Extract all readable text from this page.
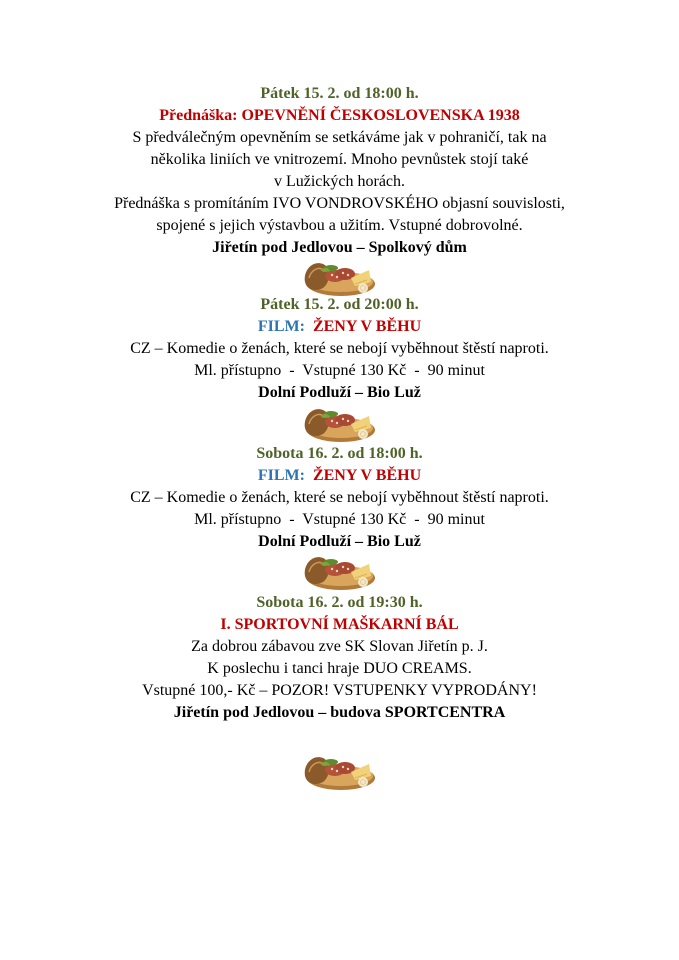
Pátek 15. 2. od 18:00 h.
Přednáška: OPEVNĚNÍ ČESKOSLOVENSKA 1938
S předválečným opevněním se setkáváme jak v pohraničí, tak na
několika liniích ve vnitrozemí. Mnoho pevnůstek stojí také
v Lužických horách.
Přednáška s promítáním IVO VONDROVSKÉHO objasní souvislosti,
spojené s jejich výstavbou a užitím. Vstupné dobrovolné.
Jiřetín pod Jedlovou – Spolkový dům
Pátek 15. 2. od 20:00 h.
FILM: ŽENY V BĚHU
CZ – Komedie o ženách, které se nebojí vyběhnout štěstí naproti.
Ml. přístupno  -  Vstupné 130 Kč  -  90 minut
Dolní Podluží – Bio Luž
Sobota 16. 2. od 18:00 h.
FILM: ŽENY V BĚHU
CZ – Komedie o ženách, které se nebojí vyběhnout štěstí naproti.
Ml. přístupno  -  Vstupné 130 Kč  -  90 minut
Dolní Podluží – Bio Luž
Sobota 16. 2. od 19:30 h.
I. SPORTOVNÍ MAŠKARNÍ BÁL
Za dobrou zábavou zve SK Slovan Jiřetín p. J.
K poslechu i tanci hraje DUO CREAMS.
Vstupné 100,- Kč – POZOR! VSTUPENKY VYPRODÁNY!
Jiřetín pod Jedlovou – budova SPORTCENTRA
